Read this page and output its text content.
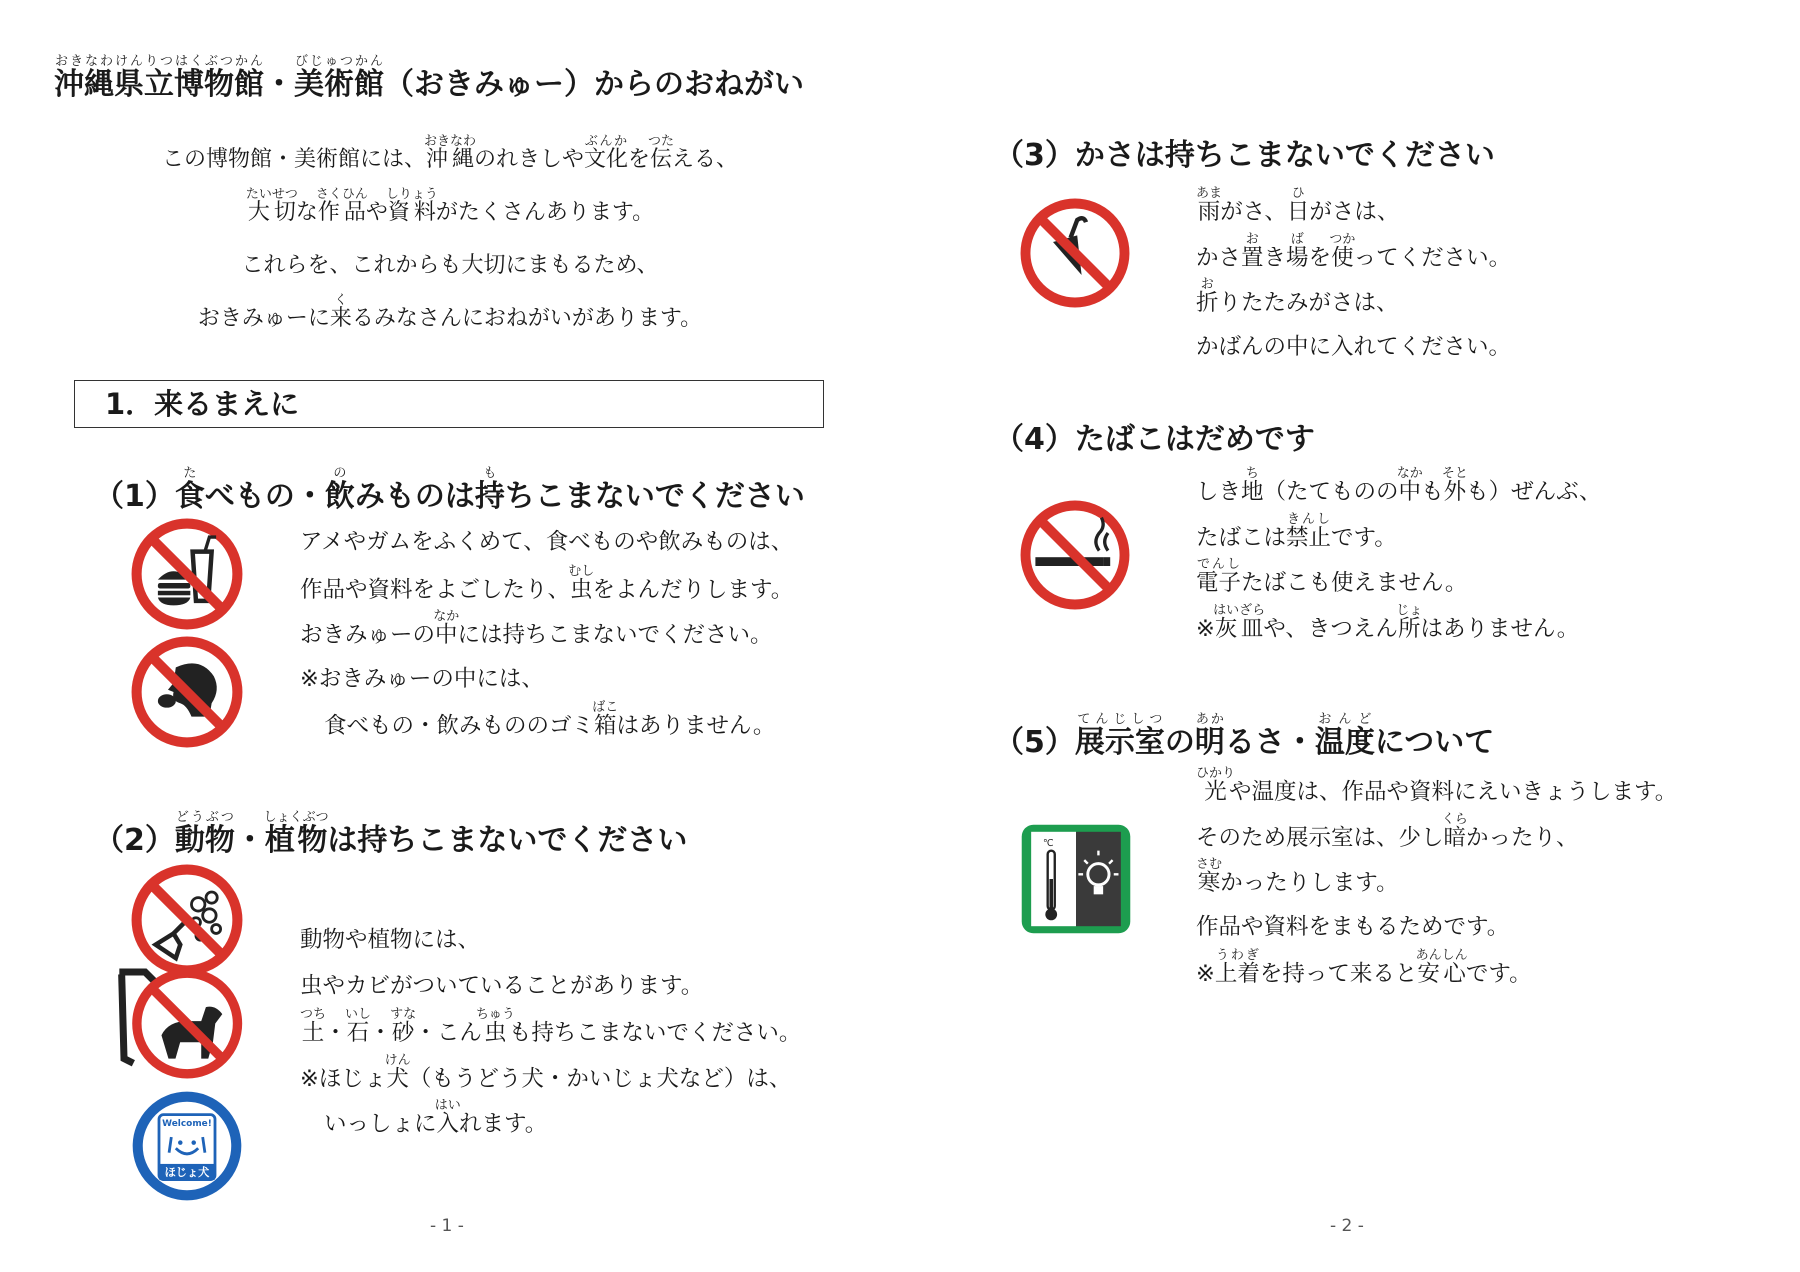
沖縄県立博物館おきなわけんりつはくぶつかん・美術館びじゅつかん（おきみゅー）からのおねがい
この博物館・美術館には、沖縄おきなわのれきしや文化ぶんかを伝つたえる、
大切たいせつな作品さくひんや資料しりょうがたくさんあります。
これらを、これからも大切にまもるため、
おきみゅーに来くるみなさんにおねがいがあります。
1．来るまえに
（1）食たべもの・飲のみものは持もちこまないでください
アメやガムをふくめて、食べものや飲みものは、
作品や資料をよごしたり、虫むしをよんだりします。
おきみゅーの中なかには持ちこまないでください。
※おきみゅーの中には、
食べもの・飲みもののゴミ箱ばこはありません。
（2）動物どうぶつ・植物しょくぶつは持ちこまないでください
Welcome!
ほじょ犬
動物や植物には、
虫やカビがついていることがあります。
土つち・石いし・砂すな・こん虫ちゅうも持ちこまないでください。
※ほじょ犬けん（もうどう犬・かいじょ犬など）は、
いっしょに入はいれます。
- 1 -
（3）かさは持ちこまないでください
雨あまがさ、日ひがさは、
かさ置おき場ばを使つかってください。
折おりたたみがさは、
かばんの中に入れてください。
（4）たばこはだめです
しき地ち（たてものの中なかも外そとも）ぜんぶ、
たばこは禁止きんしです。
電子でんしたばこも使えません。
※灰皿はいざらや、きつえん所じょはありません。
（5）展示室てんじしつの明あかるさ・温度おんどについて
℃
光ひかりや温度は、作品や資料にえいきょうします。
そのため展示室は、少し暗くらかったり、
寒さむかったりします。
作品や資料をまもるためです。
※上着うわぎを持って来ると安心あんしんです。
- 2 -
